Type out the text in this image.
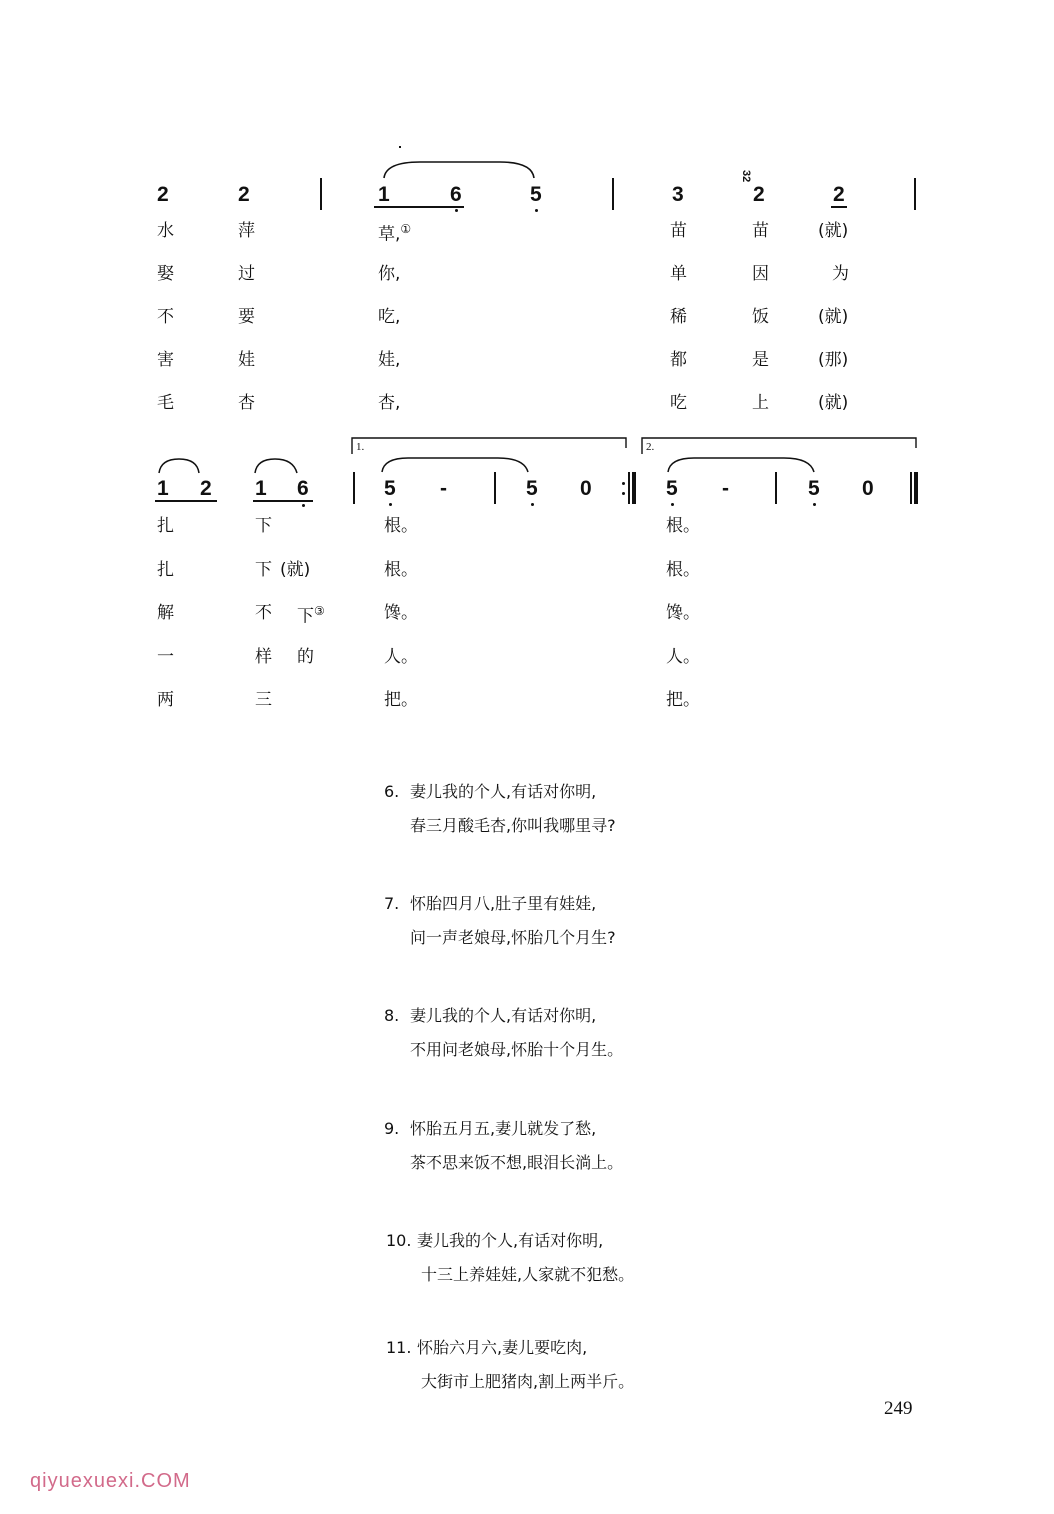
2	2	1	6	5	3
32
2	2
水	萍	草,①	苗	苗	(就)
娶	过	你,	单	因	为
不	要	吃,	稀	饭	(就)
害	娃	娃,	都	是	(那)
毛	杏	杏,	吃	上	(就)
1.	2.
1 2 1 6	5 -	5 0	5 -	5 0
扎	下	根。	根。
扎	下 (就)	根。	根。
解	不 下③	馋。	馋。
一	样 的	人。	人。
两	三	把。	把。
6. 妻儿我的个人,有话对你明,
春三月酸毛杏,你叫我哪里寻?
7. 怀胎四月八,肚子里有娃娃,
问一声老娘母,怀胎几个月生?
8. 妻儿我的个人,有话对你明,
不用问老娘母,怀胎十个月生。
9. 怀胎五月五,妻儿就发了愁,
茶不思来饭不想,眼泪长淌上。
10. 妻儿我的个人,有话对你明,
十三上养娃娃,人家就不犯愁。
11. 怀胎六月六,妻儿要吃肉,
大街市上肥猪肉,割上两半斤。
249
qiyuexuexi.COM
